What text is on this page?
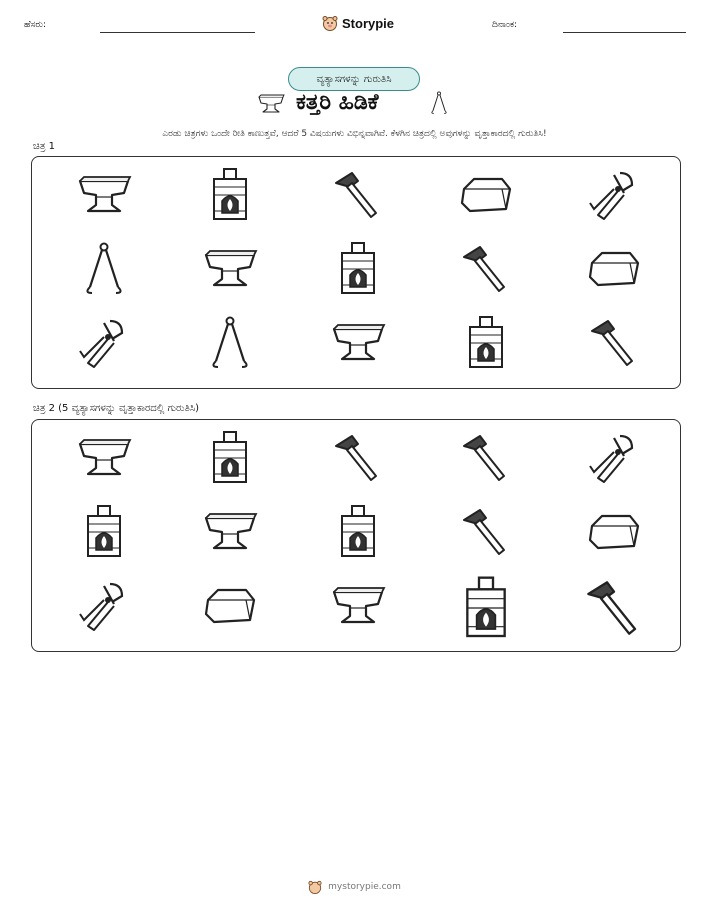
ಹೆಸರು:	Storypie	ದಿನಾಂಕ:
ವ್ಯತ್ಯಾಸಗಳನ್ನು ಗುರುತಿಸಿ
ಕತ್ತರಿ ಹಿಡಿಕೆ
ಎರಡು ಚಿತ್ರಗಳು ಒಂದೇ ರೀತಿ ಕಾಣುತ್ತವೆ, ಆದರೆ 5 ವಿಷಯಗಳು ವಿಭಿನ್ನವಾಗಿವೆ. ಕೆಳಗಿನ ಚಿತ್ರದಲ್ಲಿ ಅವುಗಳನ್ನು ವೃತ್ತಾಕಾರದಲ್ಲಿ ಗುರುತಿಸಿ!
ಚಿತ್ರ 1
ಚಿತ್ರ 2 (5 ವ್ಯತ್ಯಾಸಗಳನ್ನು ವೃತ್ತಾಕಾರದಲ್ಲಿ ಗುರುತಿಸಿ)
mystorypie.com
